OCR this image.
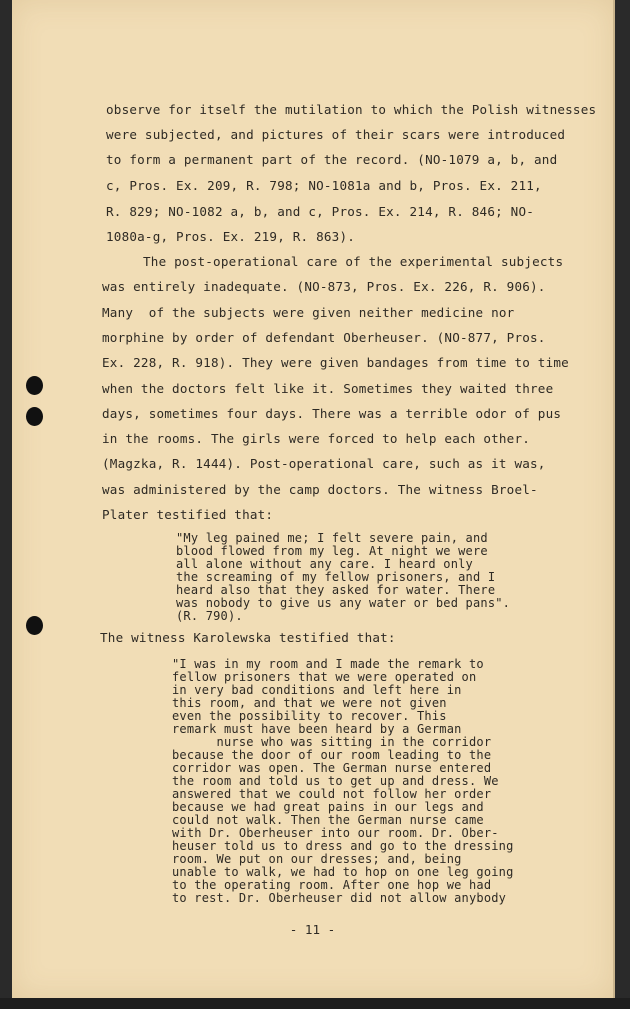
observe for itself the mutilation to which the Polish witnesses
were subjected, and pictures of their scars were introduced
to form a permanent part of the record. (NO-1079 a, b, and
c, Pros. Ex. 209, R. 798; NO-1081a and b, Pros. Ex. 211,
R. 829; NO-1082 a, b, and c, Pros. Ex. 214, R. 846; NO-
1080a-g, Pros. Ex. 219, R. 863).
The post-operational care of the experimental subjects
was entirely inadequate. (NO-873, Pros. Ex. 226, R. 906).
Many  of the subjects were given neither medicine nor
morphine by order of defendant Oberheuser. (NO-877, Pros.
Ex. 228, R. 918). They were given bandages from time to time
when the doctors felt like it. Sometimes they waited three
days, sometimes four days. There was a terrible odor of pus
in the rooms. The girls were forced to help each other.
(Magzka, R. 1444). Post-operational care, such as it was,
was administered by the camp doctors. The witness Broel-
Plater testified that:
"My leg pained me; I felt severe pain, and
blood flowed from my leg. At night we were
all alone without any care. I heard only
the screaming of my fellow prisoners, and I
heard also that they asked for water. There
was nobody to give us any water or bed pans".
(R. 790).
The witness Karolewska testified that:
"I was in my room and I made the remark to
fellow prisoners that we were operated on
in very bad conditions and left here in
this room, and that we were not given
even the possibility to recover. This
remark must have been heard by a German
nurse who was sitting in the corridor
because the door of our room leading to the
corridor was open. The German nurse entered
the room and told us to get up and dress. We
answered that we could not follow her order
because we had great pains in our legs and
could not walk. Then the German nurse came
with Dr. Oberheuser into our room. Dr. Ober-
heuser told us to dress and go to the dressing
room. We put on our dresses; and, being
unable to walk, we had to hop on one leg going
to the operating room. After one hop we had
to rest. Dr. Oberheuser did not allow anybody
- 11 -
